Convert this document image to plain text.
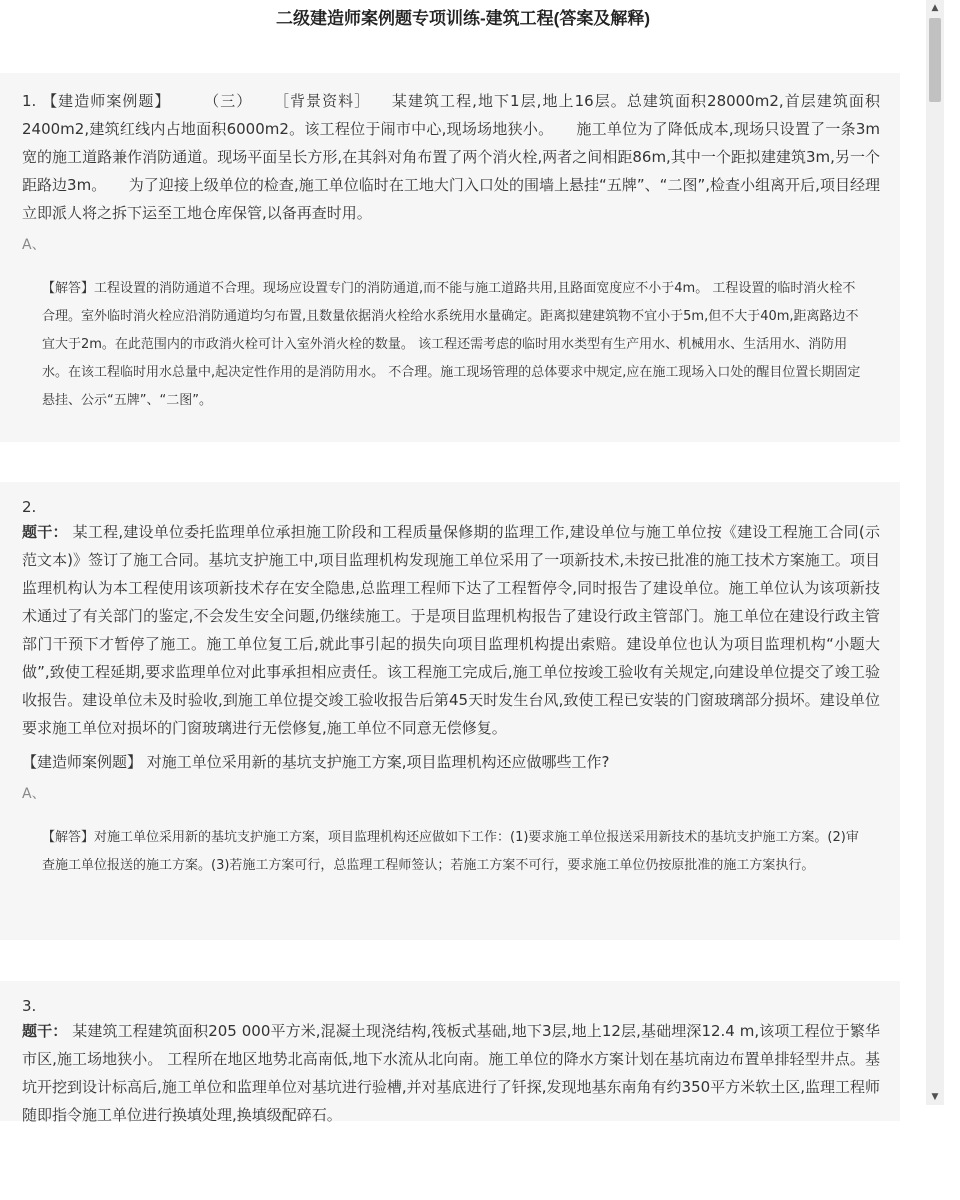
二级建造师案例题专项训练-建筑工程(答案及解释)
1. 【建造师案例题】 （三） ［背景资料］ 某建筑工程,地下1层,地上16层。总建筑面积28000m2,首层建筑面积2400m2,建筑红线内占地面积6000m2。该工程位于闹市中心,现场场地狭小。　　施工单位为了降低成本,现场只设置了一条3m宽的施工道路兼作消防通道。现场平面呈长方形,在其斜对角布置了两个消火栓,两者之间相距86m,其中一个距拟建建筑3m,另一个距路边3m。　　为了迎接上级单位的检查,施工单位临时在工地大门入口处的围墙上悬挂“五牌”、“二图”,检查小组离开后,项目经理立即派人将之拆下运至工地仓库保管,以备再查时用。
A、
【解答】工程设置的消防通道不合理。现场应设置专门的消防通道,而不能与施工道路共用,且路面宽度应不小于4m。 工程设置的临时消火栓不合理。室外临时消火栓应沿消防通道均匀布置,且数量依据消火栓给水系统用水量确定。距离拟建建筑物不宜小于5m,但不大于40m,距离路边不宜大于2m。在此范围内的市政消火栓可计入室外消火栓的数量。 该工程还需考虑的临时用水类型有生产用水、机械用水、生活用水、消防用水。在该工程临时用水总量中,起决定性作用的是消防用水。 不合理。施工现场管理的总体要求中规定,应在施工现场入口处的醒目位置长期固定悬挂、公示“五牌”、“二图”。
2.
题干： 某工程,建设单位委托监理单位承担施工阶段和工程质量保修期的监理工作,建设单位与施工单位按《建设工程施工合同(示范文本)》签订了施工合同。基坑支护施工中,项目监理机构发现施工单位采用了一项新技术,未按已批准的施工技术方案施工。项目监理机构认为本工程使用该项新技术存在安全隐患,总监理工程师下达了工程暂停令,同时报告了建设单位。施工单位认为该项新技术通过了有关部门的鉴定,不会发生安全问题,仍继续施工。于是项目监理机构报告了建设行政主管部门。施工单位在建设行政主管部门干预下才暂停了施工。施工单位复工后,就此事引起的损失向项目监理机构提出索赔。建设单位也认为项目监理机构“小题大做”,致使工程延期,要求监理单位对此事承担相应责任。该工程施工完成后,施工单位按竣工验收有关规定,向建设单位提交了竣工验收报告。建设单位未及时验收,到施工单位提交竣工验收报告后第45天时发生台风,致使工程已安装的门窗玻璃部分损坏。建设单位要求施工单位对损坏的门窗玻璃进行无偿修复,施工单位不同意无偿修复。
【建造师案例题】 对施工单位采用新的基坑支护施工方案,项目监理机构还应做哪些工作?
A、
【解答】对施工单位采用新的基坑支护施工方案，项目监理机构还应做如下工作：(1)要求施工单位报送采用新技术的基坑支护施工方案。(2)审查施工单位报送的施工方案。(3)若施工方案可行，总监理工程师签认；若施工方案不可行，要求施工单位仍按原批准的施工方案执行。
3.
题干： 某建筑工程建筑面积205 000平方米,混凝土现浇结构,筏板式基础,地下3层,地上12层,基础埋深12.4 m,该项工程位于繁华市区,施工场地狭小。 工程所在地区地势北高南低,地下水流从北向南。施工单位的降水方案计划在基坑南边布置单排轻型井点。基坑开挖到设计标高后,施工单位和监理单位对基坑进行验槽,并对基底进行了钎探,发现地基东南角有约350平方米软土区,监理工程师随即指令施工单位进行换填处理,换填级配碎石。
▲
▼
